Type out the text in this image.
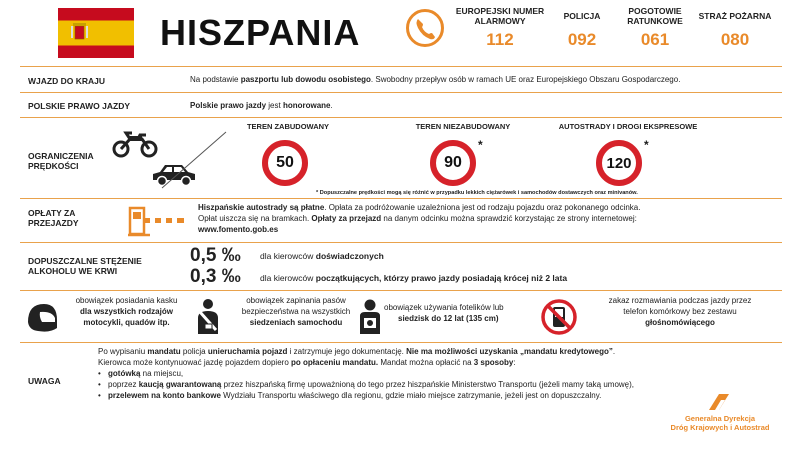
HISZPANIA
EUROPEJSKI NUMER
ALARMOWY
112
POLICJA
092
POGOTOWIE
RATUNKOWE
061
STRAŻ POŻARNA
080
WJAZD DO KRAJU	Na podstawie paszportu lub dowodu osobistego. Swobodny przepływ osób w ramach UE oraz Europejskiego Obszaru Gospodarczego.
POLSKIE PRAWO JAZDY	Polskie prawo jazdy jest honorowane.
OGRANICZENIA
PRĘDKOŚCI
TEREN ZABUDOWANY
50
TEREN NIEZABUDOWANY
90
*
AUTOSTRADY I DROGI EKSPRESOWE
120
*
* Dopuszczalne prędkości mogą się różnić w przypadku lekkich ciężarówek i samochodów dostawczych oraz minivanów.
OPŁATY ZA
PRZEJAZDY
Hiszpańskie autostrady są płatne. Opłata za podróżowanie uzależniona jest od rodzaju pojazdu oraz pokonanego odcinka.
Opłat uiszcza się na bramkach. Opłaty za przejazd na danym odcinku można sprawdzić korzystając ze strony internetowej:
www.fomento.gob.es
DOPUSZCZALNE STĘŻENIE
ALKOHOLU WE KRWI
0,5 ‰ dla kierowców doświadczonych
0,3 ‰ dla kierowców początkujących, którzy prawo jazdy posiadają krócej niż 2 lata
obowiązek posiadania kasku
dla wszystkich rodzajów
motocykli, quadów itp.
obowiązek zapinania pasów
bezpieczeństwa na wszystkich
siedzeniach samochodu
obowiązek używania fotelików lub
siedzisk do 12 lat (135 cm)
zakaz rozmawiania podczas jazdy przez
telefon komórkowy bez zestawu
głośnomówiącego
UWAGA
Po wypisaniu mandatu policja unieruchamia pojazd i zatrzymuje jego dokumentację. Nie ma możliwości uzyskania „mandatu kredytowego”.
Kierowca może kontynuować jazdę pojazdem dopiero po opłaceniu mandatu. Mandat można opłacić na 3 sposoby:
• gotówką na miejscu,
• poprzez kaucją gwarantowaną przez hiszpańską firmę upoważnioną do tego przez hiszpańskie Ministerstwo Transportu (jeżeli mamy taką umowę),
• przelewem na konto bankowe Wydziału Transportu właściwego dla regionu, gdzie miało miejsce zatrzymanie, jeżeli jest on dopuszczalny.
Generalna Dyrekcja
Dróg Krajowych i Autostrad
